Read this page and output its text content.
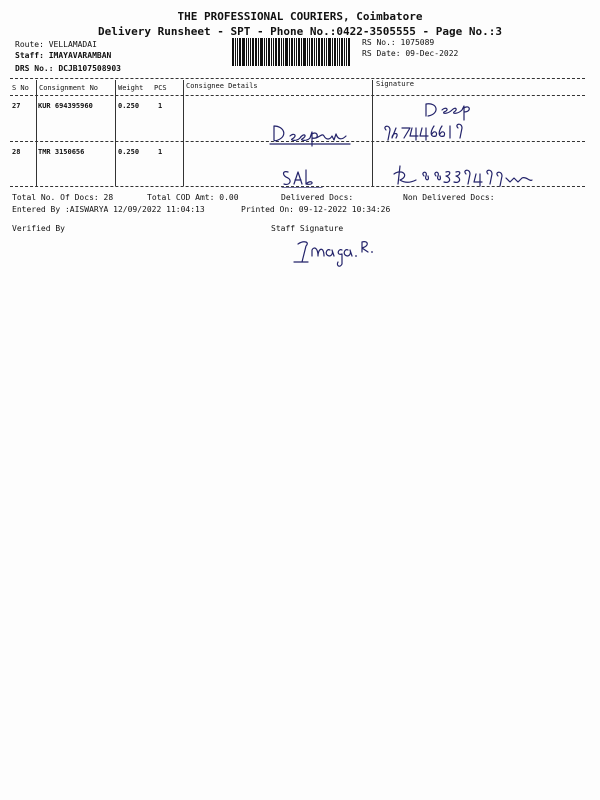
THE PROFESSIONAL COURIERS, Coimbatore
Delivery Runsheet - SPT - Phone No.:0422-3505555 - Page No.:3
Route: VELLAMADAI
Staff: IMAYAVARAMBAN
DRS No.: DCJB107508903
RS No.: 1075089
RS Date: 09-Dec-2022
S No Consignment No	Weight PCS	Consignee Details	Signature
27	KUR 694395960	0.250	1
28	TMR 3150656	0.250	1
Total No. Of Docs: 28	Total COD Amt: 0.00	Delivered Docs:	Non Delivered Docs:
Entered By :AISWARYA 12/09/2022 11:04:13	Printed On: 09-12-2022 10:34:26
Verified By	Staff Signature
